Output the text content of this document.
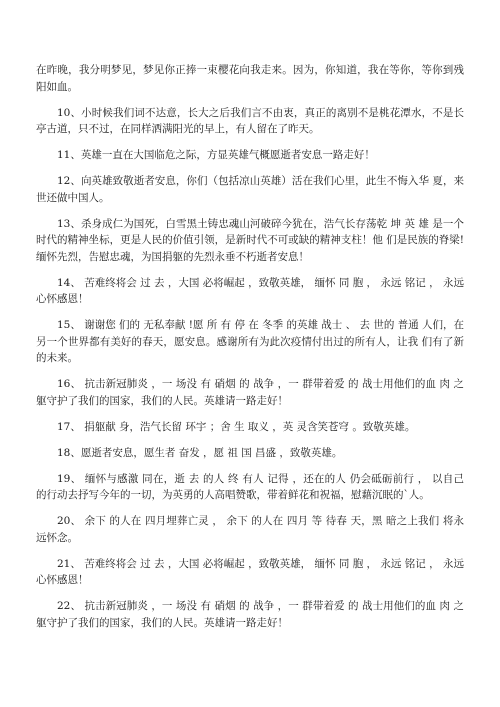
在昨晚，我分明梦见，梦见你正捧一束樱花向我走来。因为，你知道，我在等你，等你到残阳如血。

10、小时候我们词不达意，长大之后我们言不由衷，真正的离别不是桃花潭水，不是长亭古道，只不过，在同样洒满阳光的早上，有人留在了昨天。

11、英雄一直在大国临危之际，方显英雄气概愿逝者安息一路走好！

12、向英雄致敬逝者安息，你们（包括凉山英雄）活在我们心里，此生不悔入华 夏，来世还做中国人。

13、杀身成仁为国死，白雪黑土铸忠魂山河破碎今犹在，浩气长存荡乾 坤 英 雄 是一个时代的精神坐标，更是人民的价值引领，是新时代不可或缺的精神支柱！他 们是民族的脊梁!缅怀先烈，告慰忠魂，为国捐躯的先烈永垂不朽逝者安息！

14、 苦难终将会 过 去 ，大国 必将崛起 ，致敬英雄， 缅怀 同 胞 ， 永远 铭记 ， 永远 心怀感恩！

15、 谢谢您 们的 无私奉献 !愿 所 有 停 在 冬季 的英雄 战士 、 去 世的 普通 人们，在 另一个世界都有美好的春天，愿安息。感谢所有为此次疫情付出过的所有人，让我 们有了新的未来。

16、 抗击新冠肺炎 ，一 场没 有 硝烟 的 战争 ，一 群带着爱 的 战士用他们的血 肉 之 躯守护了我们的国家，我们的人民。英雄请一路走好！

17、 捐躯献 身，浩气长留 环宇 ；舍 生 取义 ，英 灵含笑苍穹 。致敬英雄。

18、愿逝者安息，愿生者 奋发 ，愿 祖 国 昌盛 ，致敬英雄。

19、 缅怀与感激 同在，逝 去 的人 终 有人 记得 ，还在的人 仍会砥砺前行 ， 以自己 的行动去抒写今年的一切，为英勇的人高唱赞歌，带着鲜花和祝福，慰藉沉眠的`人。

20、 余下 的人在 四月埋葬亡灵 ， 余下 的人在 四月 等 待春 天，黑 暗之上我们 将永 远怀念。

21、 苦难终将会 过 去 ，大国 必将崛起 ，致敬英雄， 缅怀 同 胞 ， 永远 铭记 ， 永远 心怀感恩！

22、 抗击新冠肺炎 ，一 场没 有 硝烟 的 战争 ，一 群带着爱 的 战士用他们的血 肉 之 躯守护了我们的国家，我们的人民。英雄请一路走好！
